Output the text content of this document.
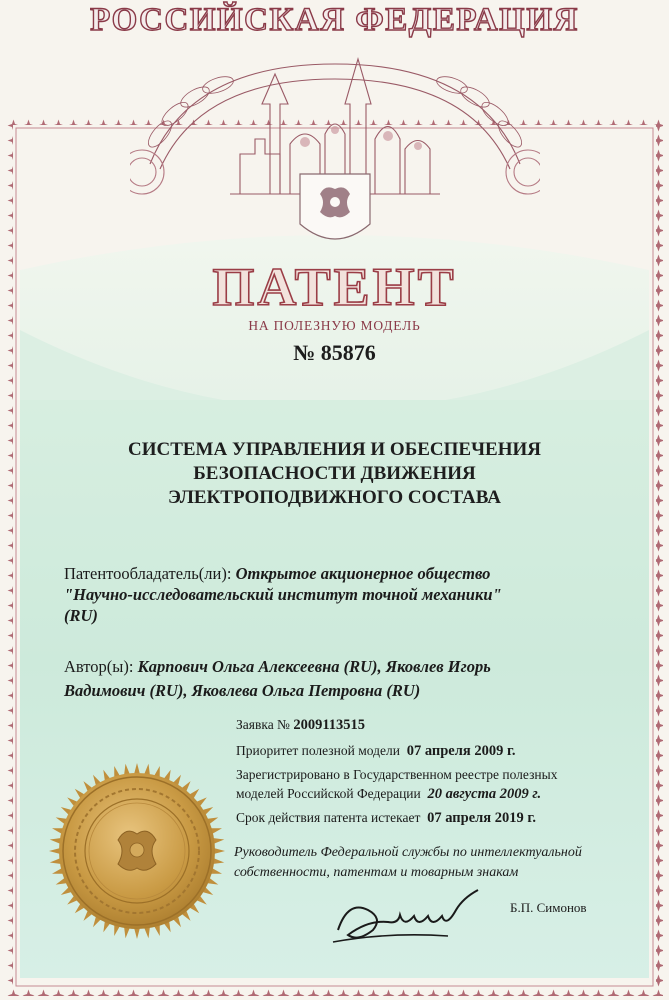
РОССИЙСКАЯ ФЕДЕРАЦИЯ
ПАТЕНТ
НА ПОЛЕЗНУЮ МОДЕЛЬ
№ 85876
СИСТЕМА УПРАВЛЕНИЯ И ОБЕСПЕЧЕНИЯ
БЕЗОПАСНОСТИ ДВИЖЕНИЯ
ЭЛЕКТРОПОДВИЖНОГО СОСТАВА
Патентообладатель(ли): Открытое акционерное общество
"Научно-исследовательский институт точной механики"
(RU)
Автор(ы): Карпович Ольга Алексеевна (RU), Яковлев Игорь
Вадимович (RU), Яковлева Ольга Петровна (RU)

Заявка № 2009113515

Приоритет полезной модели 07 апреля 2009 г.

Зарегистрировано в Государственном реестре полезных
моделей Российской Федерации 20 августа 2009 г.

Срок действия патента истекает 07 апреля 2019 г.

Руководитель Федеральной службы по интеллектуальной
собственности, патентам и товарным знакам
Б.П. Симонов
